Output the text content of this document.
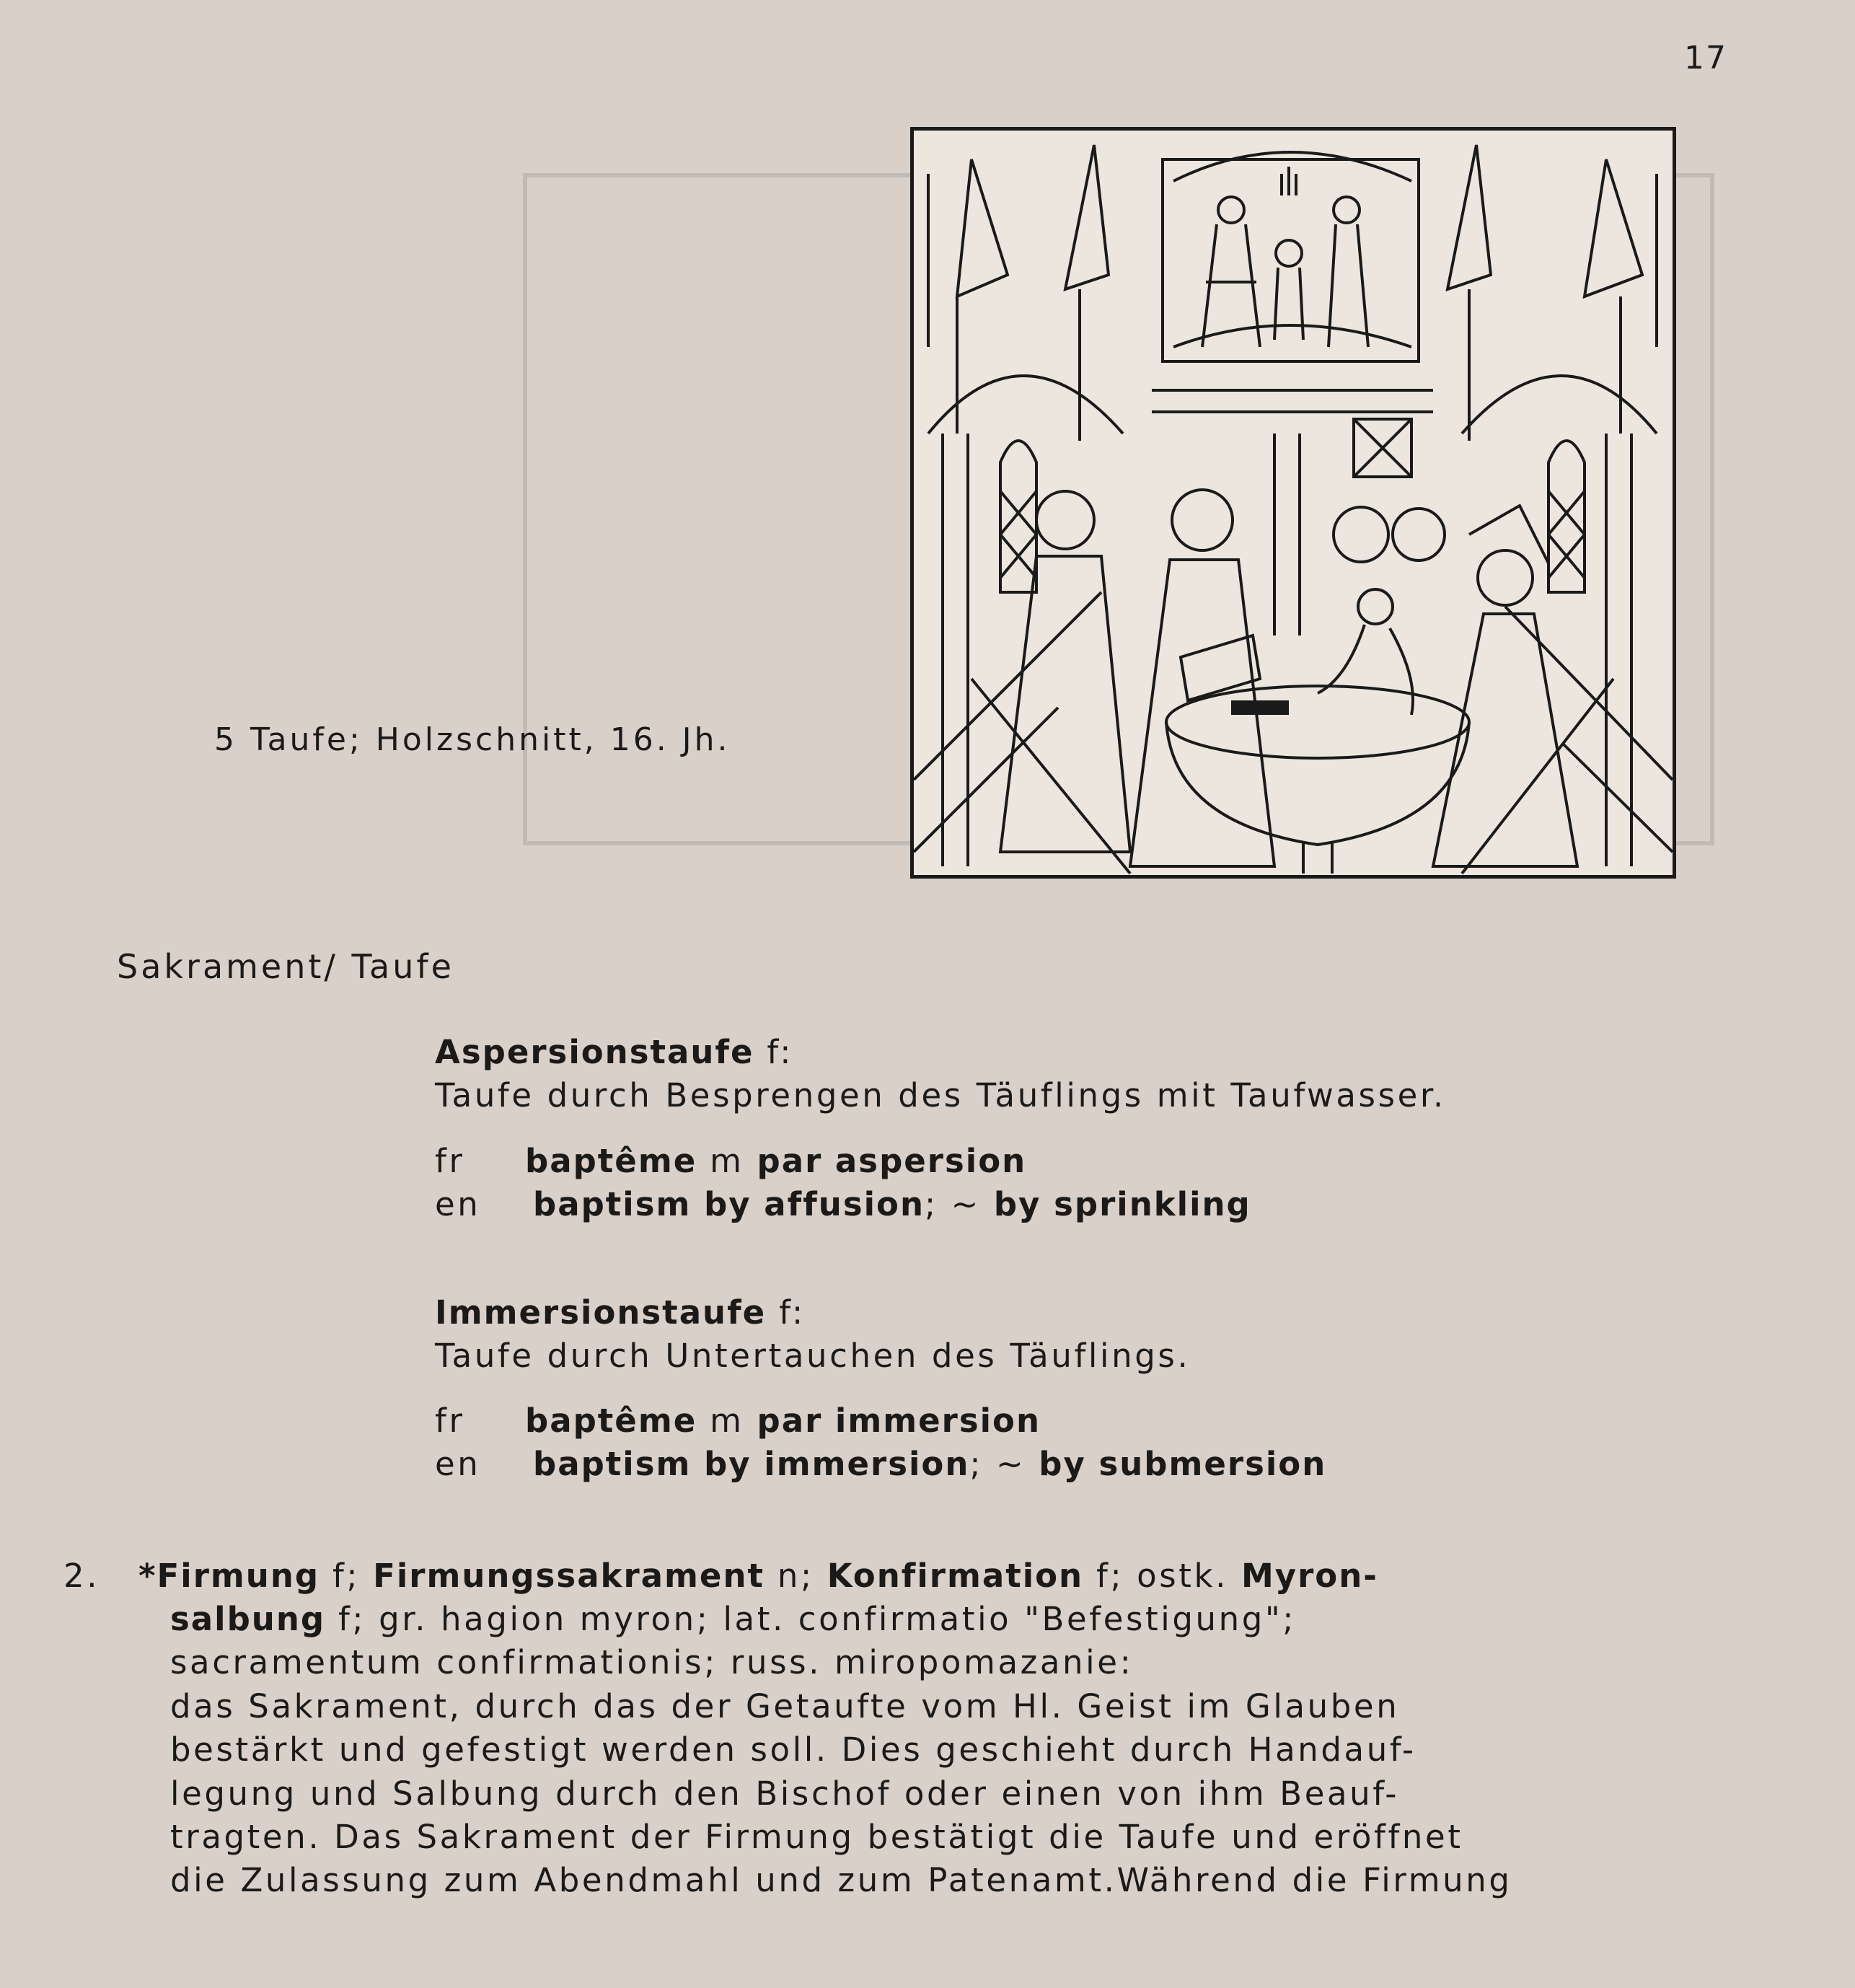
17
5 Taufe; Holzschnitt, 16. Jh.
Sakrament/ Taufe
Aspersionstaufe f:
Taufe durch Besprengen des Täuflings mit Taufwasser.
fr baptême m par aspersion
en baptism by affusion; ~ by sprinkling
Immersionstaufe f:
Taufe durch Untertauchen des Täuflings.
fr baptême m par immersion
en baptism by immersion; ~ by submersion
2. *Firmung f; Firmungssakrament n; Konfirmation f; ostk. Myron-
salbung f; gr. hagion myron; lat. confirmatio "Befestigung";
sacramentum confirmationis; russ. miropomazanie:
das Sakrament, durch das der Getaufte vom Hl. Geist im Glauben
bestärkt und gefestigt werden soll. Dies geschieht durch Handauf-
legung und Salbung durch den Bischof oder einen von ihm Beauf-
tragten. Das Sakrament der Firmung bestätigt die Taufe und eröffnet
die Zulassung zum Abendmahl und zum Patenamt.Während die Firmung
